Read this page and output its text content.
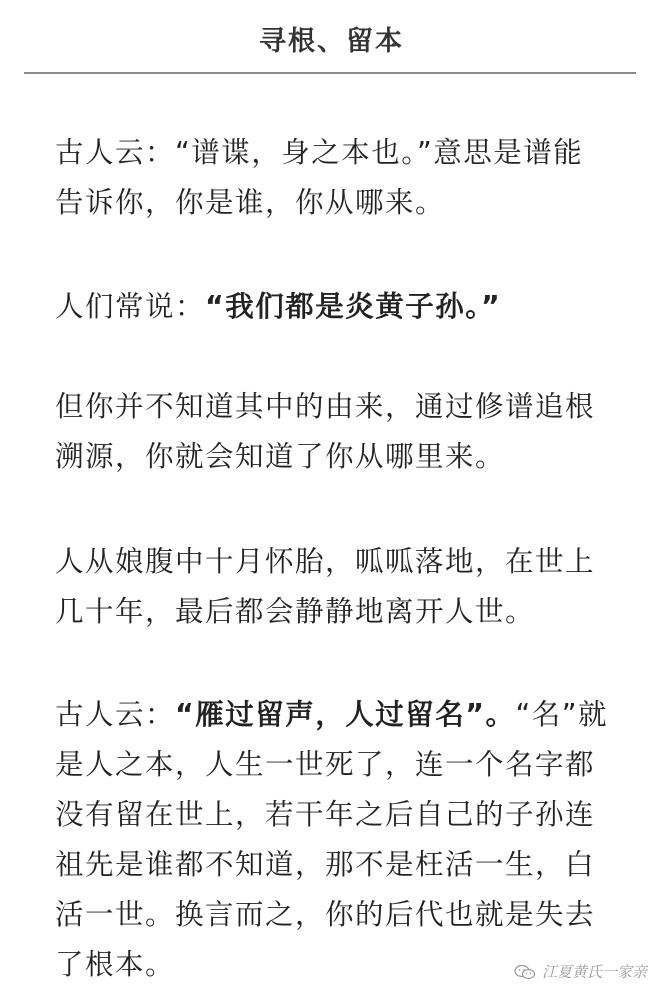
寻根、留本

古人云：“谱谍，身之本也。”意思是谱能
告诉你，你是谁，你从哪来。

人们常说：“我们都是炎黄子孙。”

但你并不知道其中的由来，通过修谱追根
溯源，你就会知道了你从哪里来。

人从娘腹中十月怀胎，呱呱落地，在世上
几十年，最后都会静静地离开人世。

古人云：“雁过留声，人过留名”。“名”就
是人之本，人生一世死了，连一个名字都
没有留在世上，若干年之后自己的子孙连
祖先是谁都不知道，那不是枉活一生，白
活一世。换言而之，你的后代也就是失去
了根本。	江夏黄氏一家亲
